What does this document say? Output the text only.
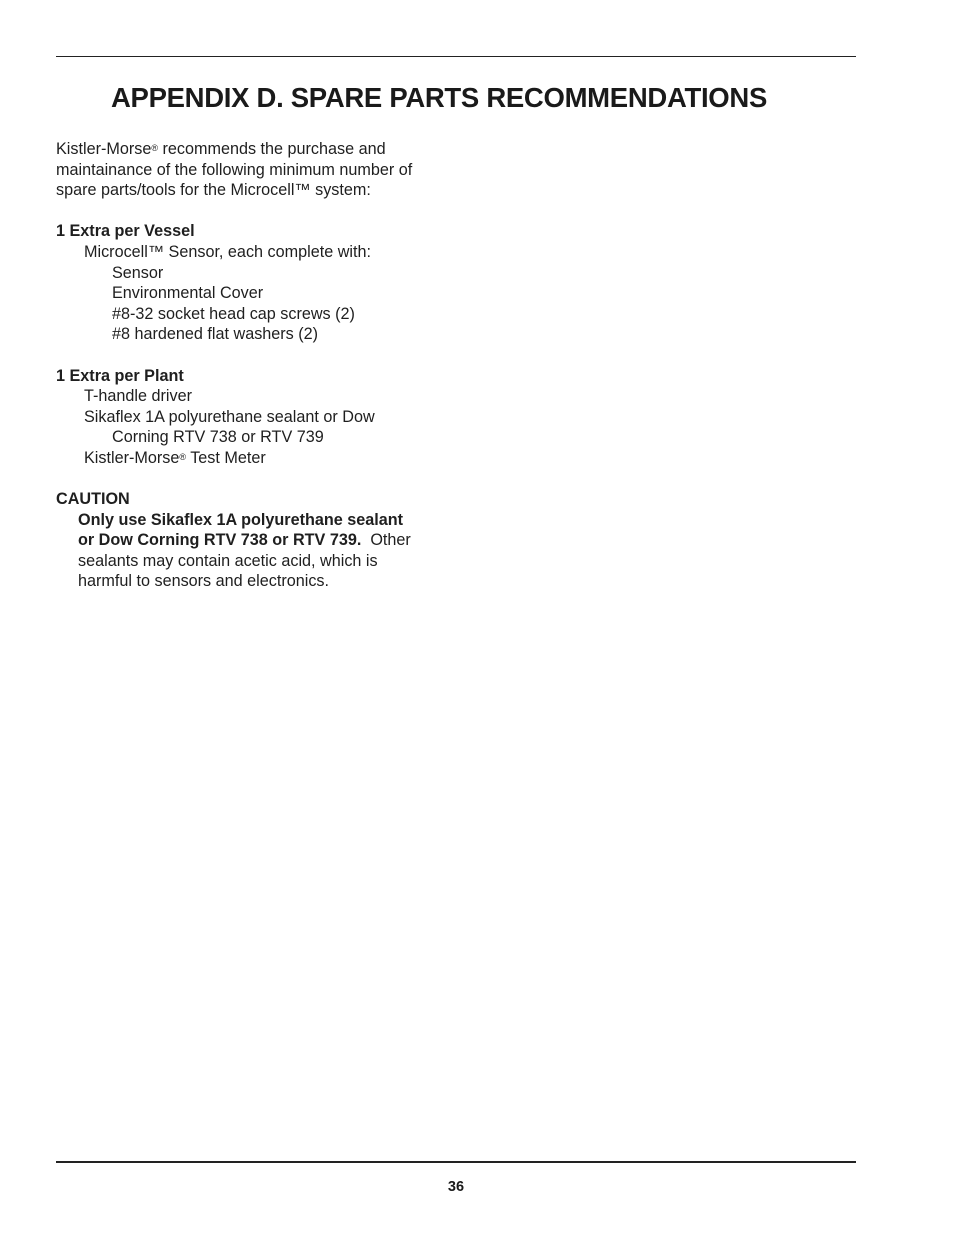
APPENDIX D. SPARE PARTS RECOMMENDATIONS
Kistler-Morse® recommends the purchase and
maintainance of the following minimum number of
spare parts/tools for the Microcell™ system:
1 Extra per Vessel
Microcell™ Sensor, each complete with:
Sensor
Environmental Cover
#8-32 socket head cap screws (2)
#8 hardened flat washers (2)
1 Extra per Plant
T-handle driver
Sikaflex 1A polyurethane sealant or Dow
Corning RTV 738 or RTV 739
Kistler-Morse® Test Meter
CAUTION
Only use Sikaflex 1A polyurethane sealant
or Dow Corning RTV 738 or RTV 739.  Other
sealants may contain acetic acid, which is
harmful to sensors and electronics.
36
